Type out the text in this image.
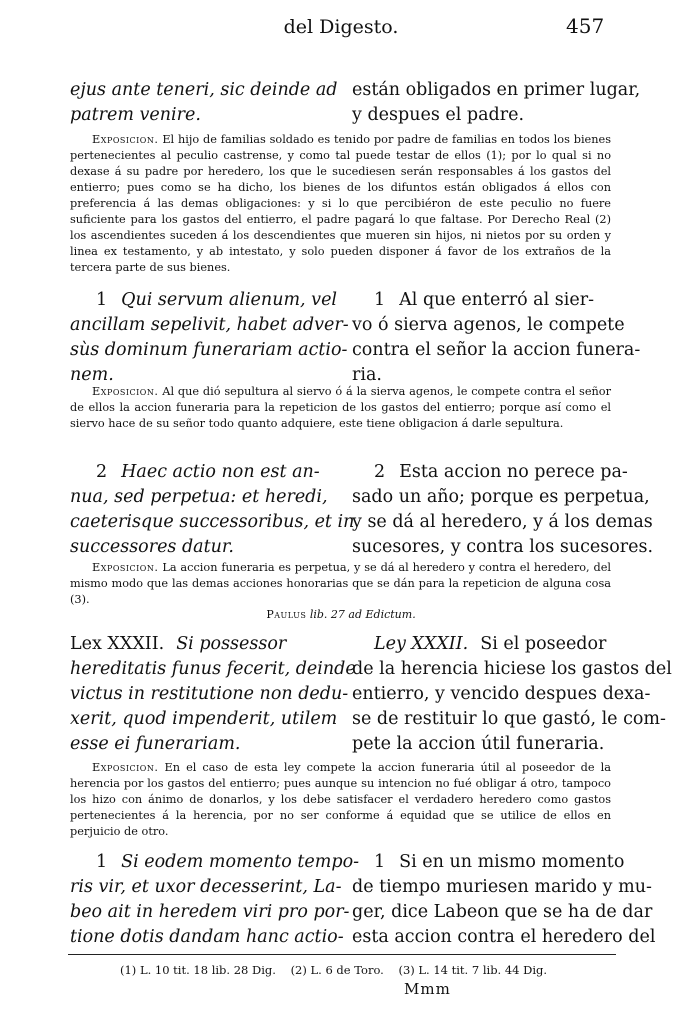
del Digesto.	457
ejus ante teneri, sic deinde ad
patrem venire.
están obligados en primer lugar,
y despues el padre.
Exposicion. El hijo de familias soldado es tenido por padre de familias en todos los bienes pertenecientes al peculio castrense, y como tal puede testar de ellos (1); por lo qual si no dexase á su padre por heredero, los que le sucediesen serán responsables á los gastos del entierro; pues como se ha dicho, los bienes de los difuntos están obligados á ellos con preferencia á las demas obligaciones: y si lo que percibiéron de este peculio no fuere suficiente para los gastos del entierro, el padre pagará lo que faltase. Por Derecho Real (2) los ascendientes suceden á los descendientes que mueren sin hijos, ni nietos por su orden y linea ex testamento, y ab intestato, y solo pueden disponer á favor de los extraños de la tercera parte de sus bienes.
1 Qui servum alienum, vel
ancillam sepelivit, habet adver-
sùs dominum funerariam actio-
nem.
1 Al que enterró al sier-
vo ó sierva agenos, le compete
contra el señor la accion funera-
ria.
Exposicion. Al que dió sepultura al siervo ó á la sierva agenos, le compete contra el señor de ellos la accion funeraria para la repeticion de los gastos del entierro; porque así como el siervo hace de su señor todo quanto adquiere, este tiene obligacion á darle sepultura.
2 Haec actio non est an-
nua, sed perpetua: et heredi,
caeterisque successoribus, et in
successores datur.
2 Esta accion no perece pa-
sado un año; porque es perpetua,
y se dá al heredero, y á los demas
sucesores, y contra los sucesores.
Exposicion. La accion funeraria es perpetua, y se dá al heredero y contra el heredero, del mismo modo que las demas acciones honorarias que se dán para la repeticion de alguna cosa (3).
Paulus lib. 27 ad Edictum.
Lex XXXII. Si possessor
hereditatis funus fecerit, deinde
victus in restitutione non dedu-
xerit, quod impenderit, utilem
esse ei funerariam.
Ley XXXII. Si el poseedor
de la herencia hiciese los gastos del
entierro, y vencido despues dexa-
se de restituir lo que gastó, le com-
pete la accion útil funeraria.
Exposicion. En el caso de esta ley compete la accion funeraria útil al poseedor de la herencia por los gastos del entierro; pues aunque su intencion no fué obligar á otro, tampoco los hizo con ánimo de donarlos, y los debe satisfacer el verdadero heredero como gastos pertenecientes á la herencia, por no ser conforme á equidad que se utilice de ellos en perjuicio de otro.
1 Si eodem momento tempo-
ris vir, et uxor decesserint, La-
beo ait in heredem viri pro por-
tione dotis dandam hanc actio-
1 Si en un mismo momento
de tiempo muriesen marido y mu-
ger, dice Labeon que se ha de dar
esta accion contra el heredero del
(1) L. 10 tit. 18 lib. 28 Dig. (2) L. 6 de Toro. (3) L. 14 tit. 7 lib. 44 Dig.
Mmm
